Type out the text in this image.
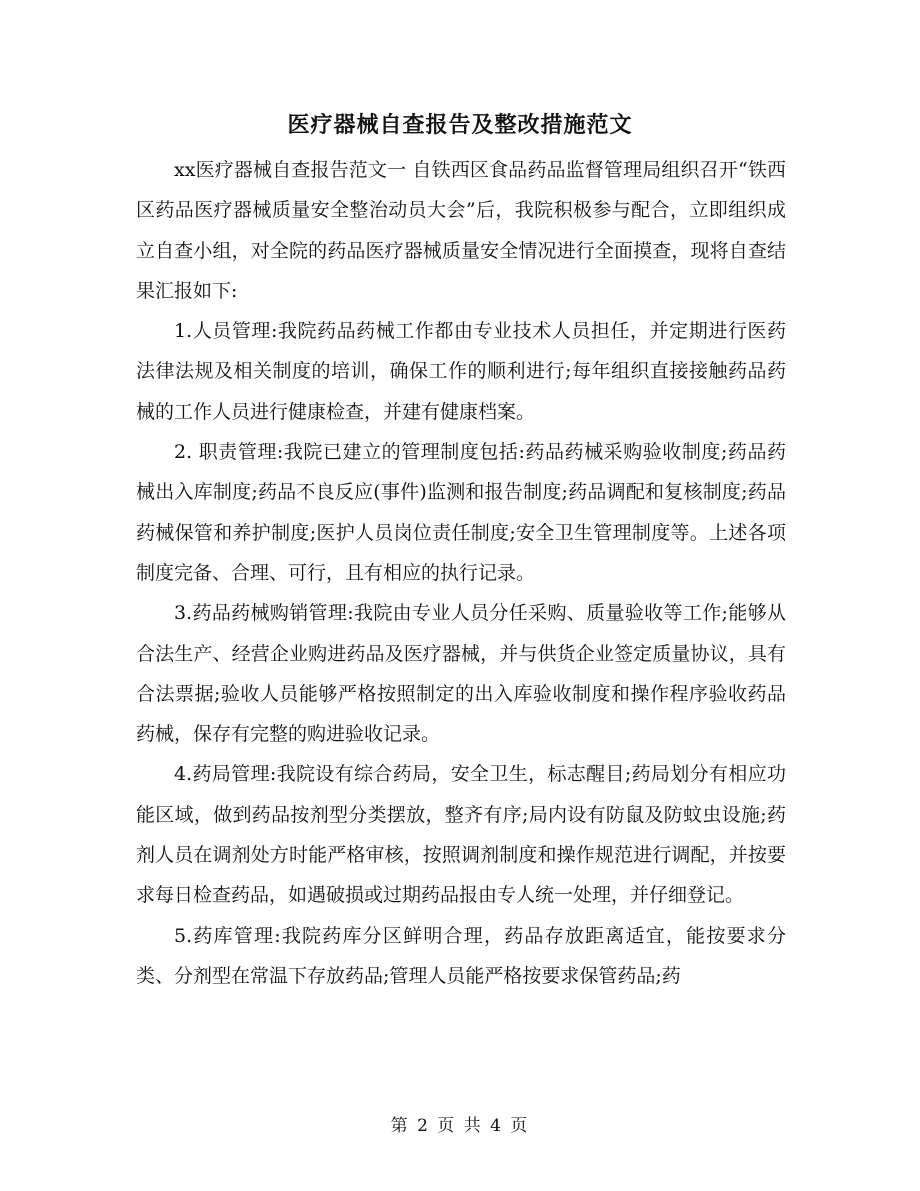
医疗器械自查报告及整改措施范文

xx医疗器械自查报告范文一 自铁西区食品药品监督管理局组织召开“铁西区药品医疗器械质量安全整治动员大会”后，我院积极参与配合，立即组织成立自查小组，对全院的药品医疗器械质量安全情况进行全面摸查，现将自查结果汇报如下:

1.人员管理:我院药品药械工作都由专业技术人员担任，并定期进行医药法律法规及相关制度的培训，确保工作的顺利进行;每年组织直接接触药品药械的工作人员进行健康检查，并建有健康档案。

2. 职责管理:我院已建立的管理制度包括:药品药械采购验收制度;药品药械出入库制度;药品不良反应(事件)监测和报告制度;药品调配和复核制度;药品药械保管和养护制度;医护人员岗位责任制度;安全卫生管理制度等。上述各项制度完备、合理、可行，且有相应的执行记录。

3.药品药械购销管理:我院由专业人员分任采购、质量验收等工作;能够从合法生产、经营企业购进药品及医疗器械，并与供货企业签定质量协议，具有合法票据;验收人员能够严格按照制定的出入库验收制度和操作程序验收药品药械，保存有完整的购进验收记录。

4.药局管理:我院设有综合药局，安全卫生，标志醒目;药局划分有相应功能区域，做到药品按剂型分类摆放，整齐有序;局内设有防鼠及防蚊虫设施;药剂人员在调剂处方时能严格审核，按照调剂制度和操作规范进行调配，并按要求每日检查药品，如遇破损或过期药品报由专人统一处理，并仔细登记。

5.药库管理:我院药库分区鲜明合理，药品存放距离适宜，能按要求分类、分剂型在常温下存放药品;管理人员能严格按要求保管药品;药

第 2 页 共 4 页
